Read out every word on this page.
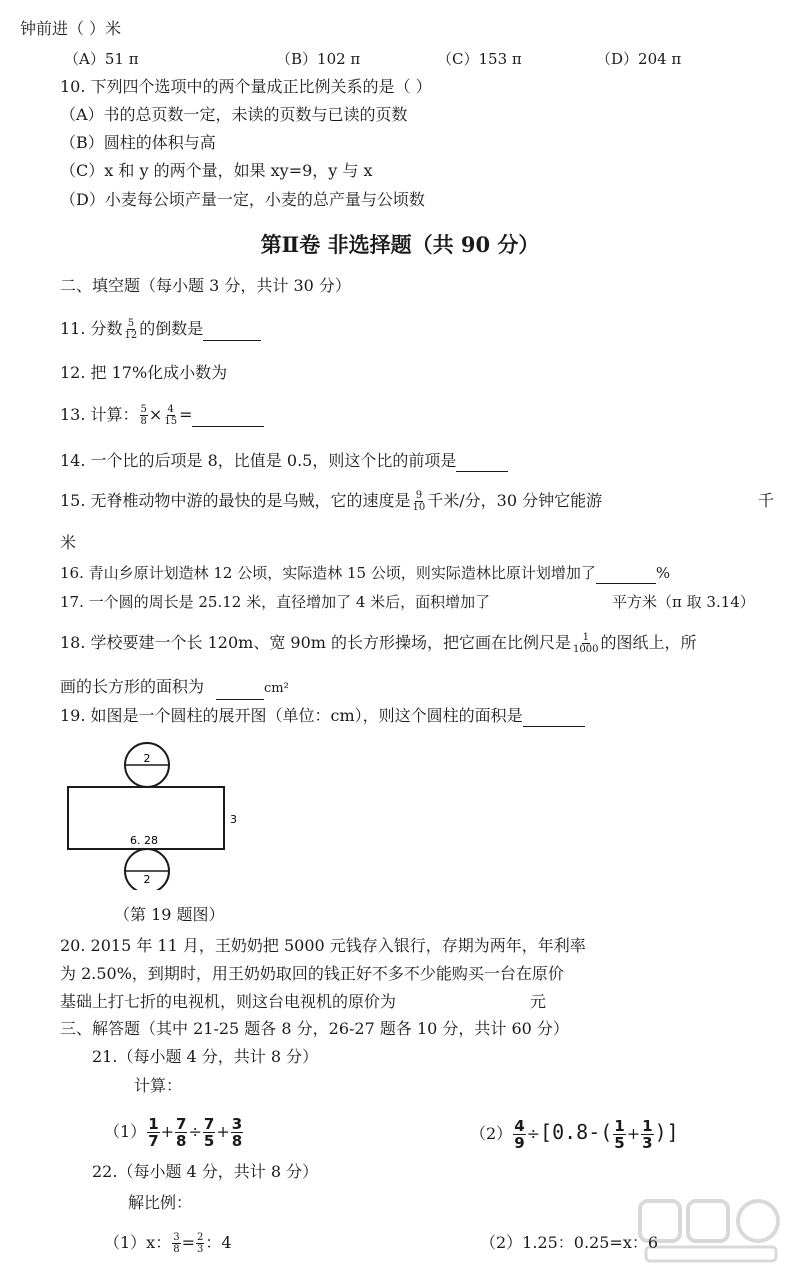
钟前进（ ）米
（A）51 π	（B）102 π	（C）153 π	（D）204 π
10. 下列四个选项中的两个量成正比例关系的是（ ）
（A）书的总页数一定，未读的页数与已读的页数
（B）圆柱的体积与高
（C）x 和 y 的两个量，如果 xy=9，y 与 x
（D）小麦每公顷产量一定，小麦的总产量与公顷数
第Ⅱ卷 非选择题（共 90 分）
二、填空题（每小题 3 分，共计 30 分）
11. 分数 $\frac{5}{12}$ 的倒数是
12. 把 17%化成小数为
13. 计算： $\frac{5}{8} \times \frac{4}{15}$ =
14. 一个比的后项是 8，比值是 0.5，则这个比的前项是
15. 无脊椎动物中游的最快的是乌贼，它的速度是 $\frac{9}{10}$ 千米/分，30 分钟它能游	千
米
16. 青山乡原计划造林 12 公顷，实际造林 15 公顷，则实际造林比原计划增加了	%
17. 一个圆的周长是 25.12 米，直径增加了 4 米后，面积增加了	平方米（π 取 3.14）
18. 学校要建一个长 120m、宽 90m 的长方形操场，把它画在比例尺是 $\frac{1}{1000}$ 的图纸上，所
画的长方形的面积为	cm²
19. 如图是一个圆柱的展开图（单位：cm），则这个圆柱的面积是
2
3
6. 28
2
（第 19 题图）
20. 2015 年 11 月，王奶奶把 5000 元钱存入银行，存期为两年，年利率
为 2.50%，到期时，用王奶奶取回的钱正好不多不少能购买一台在原价
基础上打七折的电视机，则这台电视机的原价为	元
三、解答题（其中 21-25 题各 8 分，26-27 题各 10 分，共计 60 分）
21.（每小题 4 分，共计 8 分）
计算：
$(1) \frac{1}{7} + \frac{7}{8} \div \frac{7}{5} + \frac{3}{8}$	$(2) \frac{4}{9} \div[0.8-( \frac{1}{5} + \frac{1}{3}$ )]
22.（每小题 4 分，共计 8 分）
解比例：
（1）x： $\frac{3}{8} = \frac{2}{3}$ ：4	（2）1.25：0.25=x：6
